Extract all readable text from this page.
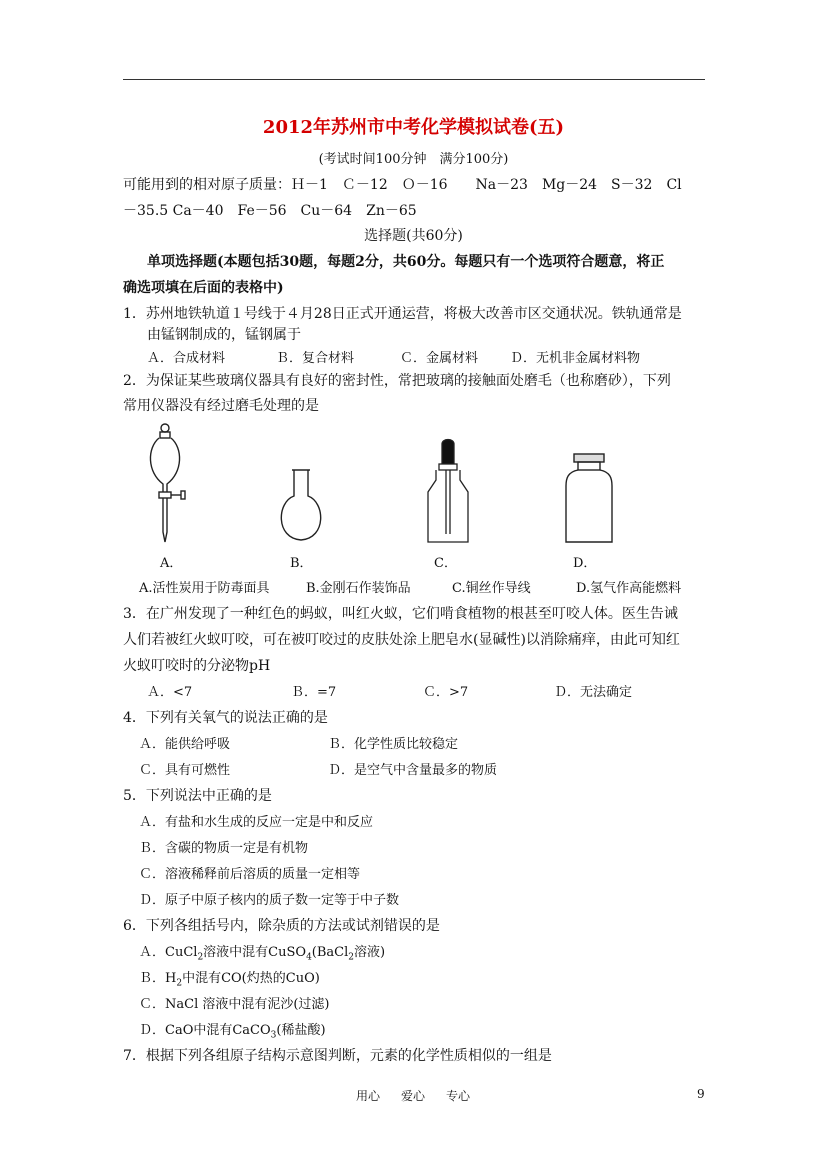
2012年苏州市中考化学模拟试卷(五)
(考试时间100分钟　满分100分)
可能用到的相对原子质量：Ｈ－1　Ｃ－12　Ｏ－16　　Na－23　Mg－24　S－32　Cl
－35.5 Ca－40　Fe－56　Cu－64　Zn－65
选择题(共60分)
单项选择题(本题包括30题，每题2分，共60分。每题只有一个选项符合题意，将正
确选项填在后面的表格中)
1．苏州地铁轨道１号线于４月28日正式开通运营，将极大改善市区交通状况。铁轨通常是
由锰钢制成的，锰钢属于
Ａ．合成材料	Ｂ．复合材料	Ｃ．金属材料 Ｄ．无机非金属材料物
2．为保证某些玻璃仪器具有良好的密封性，常把玻璃的接触面处磨毛（也称磨砂），下列
常用仪器没有经过磨毛处理的是
A．	B．	C．	D．
A.活性炭用于防毒面具	B.金刚石作装饰品	C.铜丝作导线	D.氢气作高能燃料
3．在广州发现了一种红色的蚂蚁，叫红火蚁，它们啃食植物的根甚至叮咬人体。医生告诫
人们若被红火蚁叮咬，可在被叮咬过的皮肤处涂上肥皂水(显碱性)以消除痛痒，由此可知红
火蚁叮咬时的分泌物pH
Ａ．<7	Ｂ．=7	Ｃ．>7	Ｄ．无法确定
4．下列有关氧气的说法正确的是
Ａ．能供给呼吸	Ｂ．化学性质比较稳定
Ｃ．具有可燃性	Ｄ．是空气中含量最多的物质
5．下列说法中正确的是
Ａ．有盐和水生成的反应一定是中和反应
Ｂ．含碳的物质一定是有机物
Ｃ．溶液稀释前后溶质的质量一定相等
Ｄ．原子中原子核内的质子数一定等于中子数
6．下列各组括号内，除杂质的方法或试剂错误的是
Ａ．CuCl$_2$溶液中混有CuSO$_4$(BaCl$_2$溶液)
Ｂ．$H_2$中混有CO(灼热的CuO)
Ｃ．NaCl 溶液中混有泥沙(过滤)
Ｄ．CaO中混有CaCO$_3$(稀盐酸)
7．根据下列各组原子结构示意图判断，元素的化学性质相似的一组是
用心 爱心 专心	9
